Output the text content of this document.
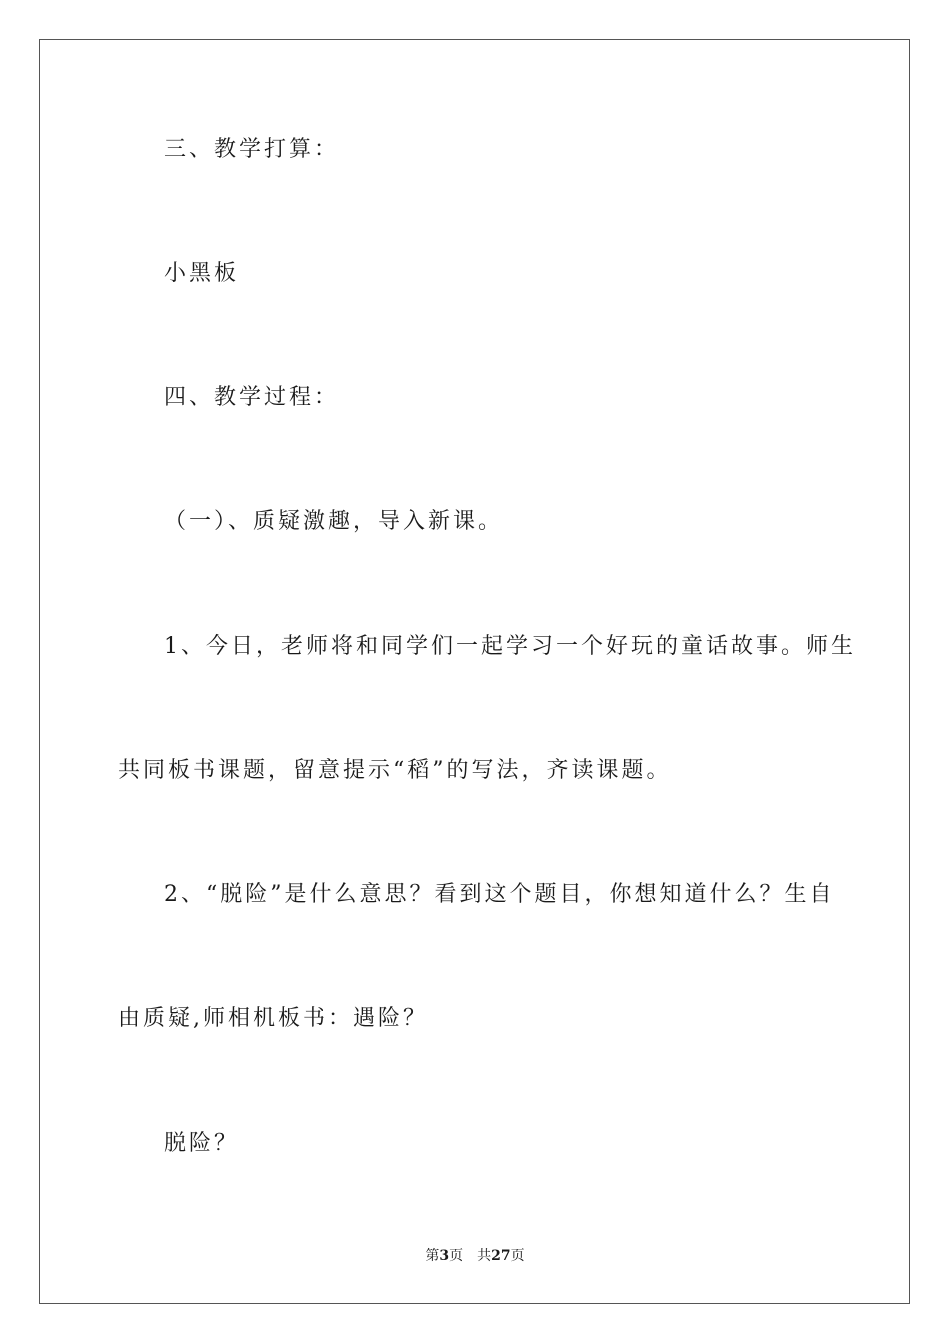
三、教学打算：
小黑板
四、教学过程：
（一）、质疑激趣，导入新课。
1、今日，老师将和同学们一起学习一个好玩的童话故事。师生
共同板书课题，留意提示“稻”的写法，齐读课题。
2、“脱险”是什么意思？看到这个题目，你想知道什么？生自
由质疑,师相机板书：遇险？
脱险？
第3页 共27页
